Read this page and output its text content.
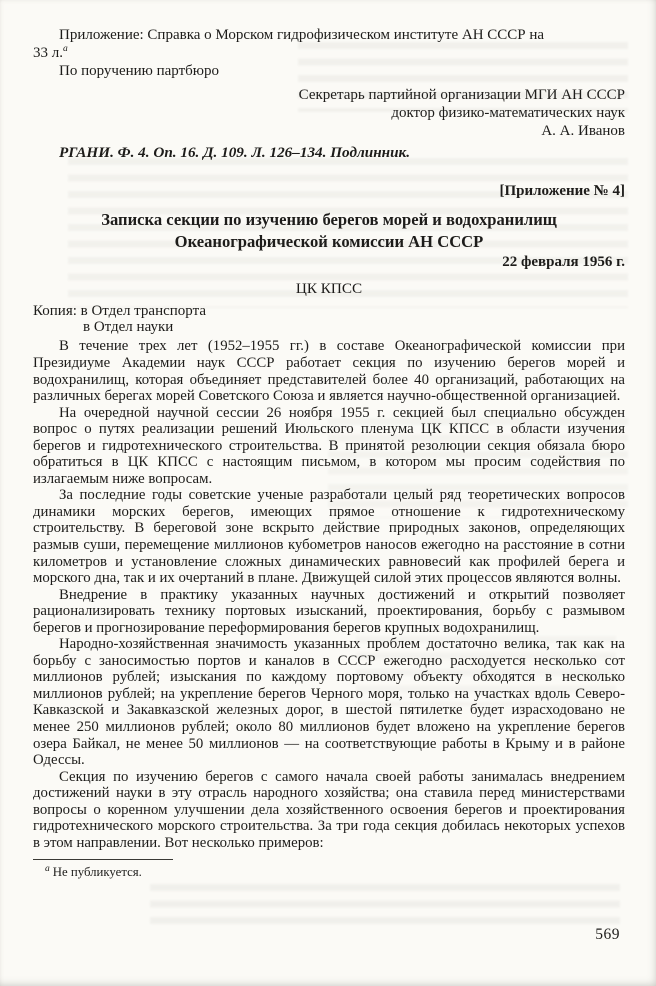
Приложение: Справка о Морском гидрофизическом институте АН СССР на
33 л.$^а$
По поручению партбюро
Секретарь партийной организации МГИ АН СССР
доктор физико-математических наук
А. А. Иванов
РГАНИ. Ф. 4. Оп. 16. Д. 109. Л. 126–134. Подлинник.
[Приложение № 4]
Записка секции по изучению берегов морей и водохранилищ
Океанографической комиссии АН СССР
22 февраля 1956 г.
ЦК КПСС
Копия: в Отдел транспорта
в Отдел науки

В течение трех лет (1952–1955 гг.) в составе Океанографической комиссии при Президиуме Академии наук СССР работает секция по изучению берегов морей и водохранилищ, которая объединяет представителей более 40 организаций, работающих на различных берегах морей Советского Союза и является научно-общественной организацией.

На очередной научной сессии 26 ноября 1955 г. секцией был специально обсужден вопрос о путях реализации решений Июльского пленума ЦК КПСС в области изучения берегов и гидротехнического строительства. В принятой резолюции секция обязала бюро обратиться в ЦК КПСС с настоящим письмом, в котором мы просим содействия по излагаемым ниже вопросам.

За последние годы советские ученые разработали целый ряд теоретических вопросов динамики морских берегов, имеющих прямое отношение к гидротехническому строительству. В береговой зоне вскрыто действие природных законов, определяющих размыв суши, перемещение миллионов кубометров наносов ежегодно на расстояние в сотни километров и установление сложных динамических равновесий как профилей берега и морского дна, так и их очертаний в плане. Движущей силой этих процессов являются волны.

Внедрение в практику указанных научных достижений и открытий позволяет рационализировать технику портовых изысканий, проектирования, борьбу с размывом берегов и прогнозирование переформирования берегов крупных водохранилищ.

Народно-хозяйственная значимость указанных проблем достаточно велика, так как на борьбу с заносимостью портов и каналов в СССР ежегодно расходуется несколько сот миллионов рублей; изыскания по каждому портовому объекту обходятся в несколько миллионов рублей; на укрепление берегов Черного моря, только на участках вдоль Северо-Кавказской и Закавказской железных дорог, в шестой пятилетке будет израсходовано не менее 250 миллионов рублей; около 80 миллионов будет вложено на укрепление берегов озера Байкал, не менее 50 миллионов — на соответствующие работы в Крыму и в районе Одессы.

Секция по изучению берегов с самого начала своей работы занималась внедрением достижений науки в эту отрасль народного хозяйства; она ставила перед министерствами вопросы о коренном улучшении дела хозяйственного освоения берегов и проектирования гидротехнического морского строительства. За три года секция добилась некоторых успехов в этом направлении. Вот несколько примеров:

$^а$ Не публикуется.
569
